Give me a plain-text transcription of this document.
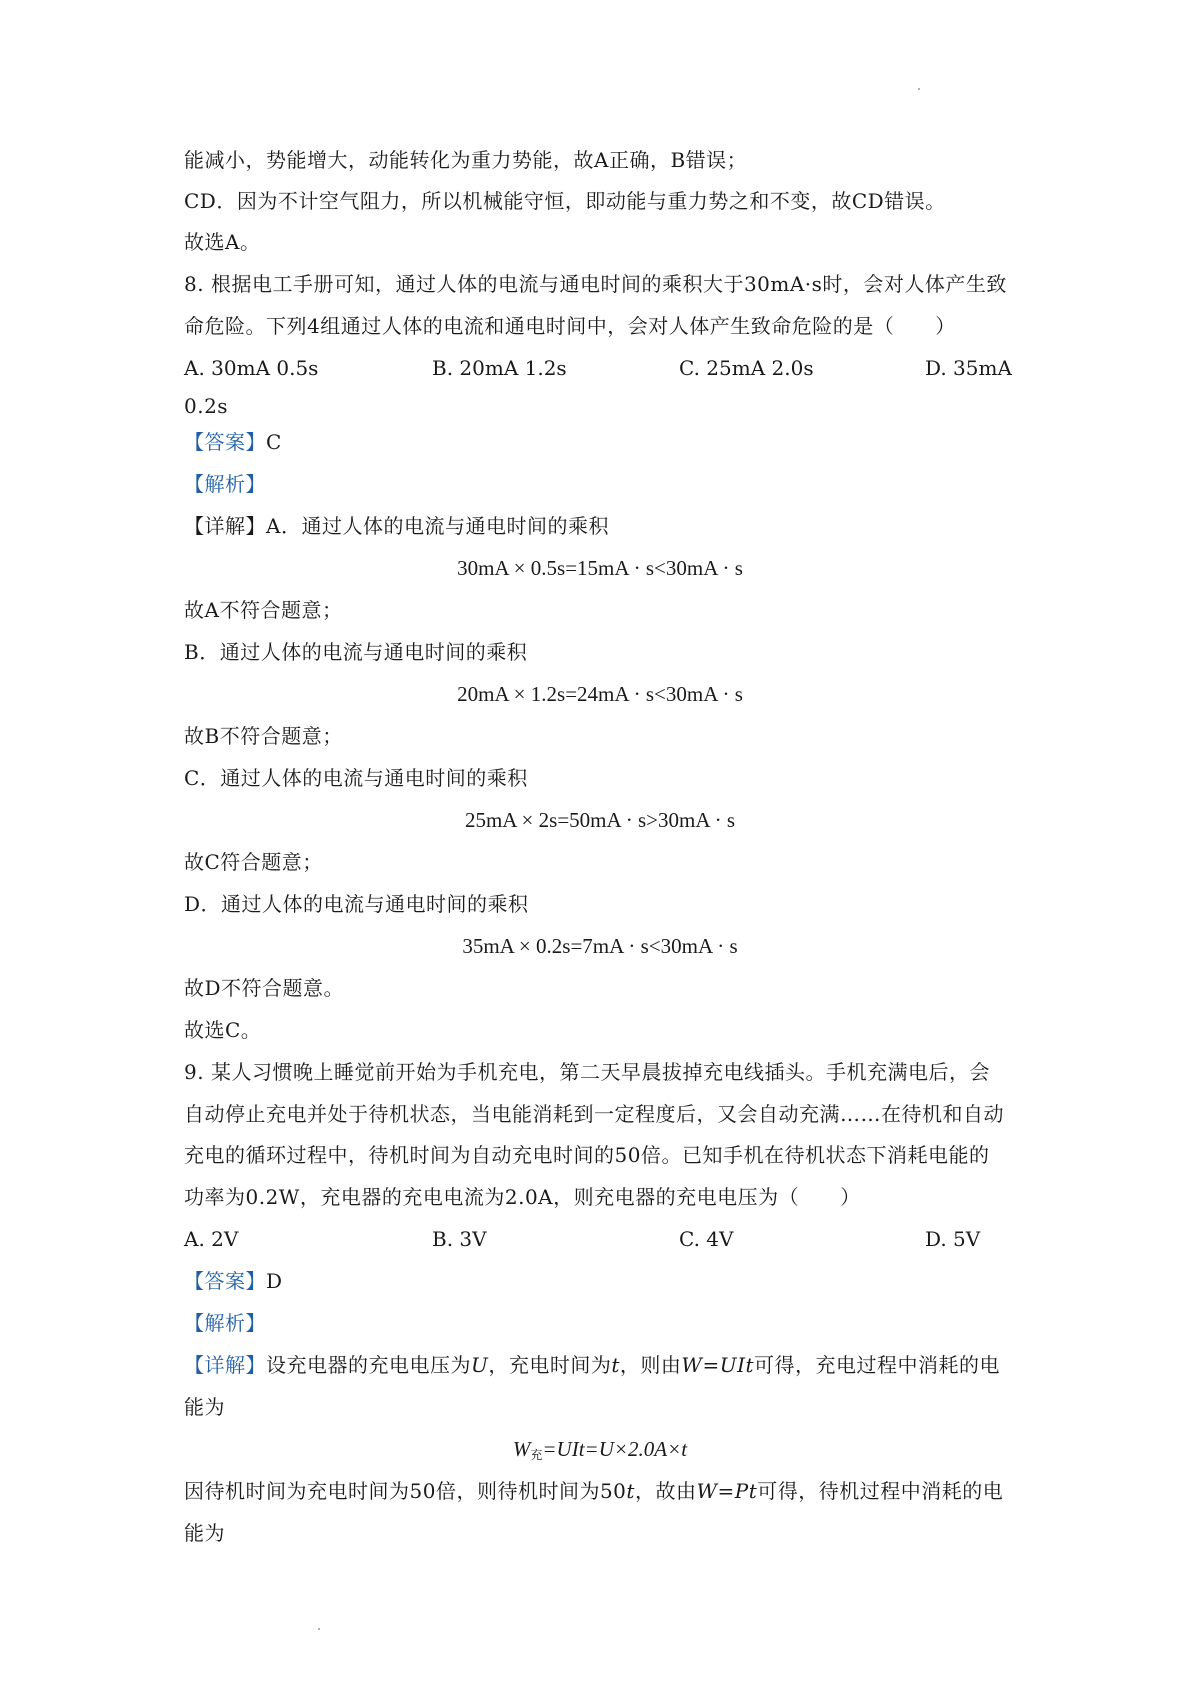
能减小，势能增大，动能转化为重力势能，故A正确，B错误；
CD．因为不计空气阻力，所以机械能守恒，即动能与重力势之和不变，故CD错误。
故选A。
8. 根据电工手册可知，通过人体的电流与通电时间的乘积大于30mA·s时，会对人体产生致
命危险。下列4组通过人体的电流和通电时间中，会对人体产生致命危险的是（　　）
A. 30mA 0.5s	B. 20mA 1.2s	C. 25mA 2.0s	D. 35mA
0.2s
【答案】C
【解析】
【详解】A．通过人体的电流与通电时间的乘积
30mA × 0.5s=15mA · s<30mA · s
故A不符合题意；
B．通过人体的电流与通电时间的乘积
20mA × 1.2s=24mA · s<30mA · s
故B不符合题意；
C．通过人体的电流与通电时间的乘积
25mA × 2s=50mA · s>30mA · s
故C符合题意；
D．通过人体的电流与通电时间的乘积
35mA × 0.2s=7mA · s<30mA · s
故D不符合题意。
故选C。
9. 某人习惯晚上睡觉前开始为手机充电，第二天早晨拔掉充电线插头。手机充满电后，会
自动停止充电并处于待机状态，当电能消耗到一定程度后，又会自动充满……在待机和自动
充电的循环过程中，待机时间为自动充电时间的50倍。已知手机在待机状态下消耗电能的
功率为0.2W，充电器的充电电流为2.0A，则充电器的充电电压为（　　）
A. 2V	B. 3V	C. 4V	D. 5V
【答案】D
【解析】
【详解】设充电器的充电电压为U，充电时间为t，则由W=UIt可得，充电过程中消耗的电
能为
$W_充=UIt=U\times 2.0A\times t$
因待机时间为充电时间为50倍，则待机时间为50t，故由W=Pt可得，待机过程中消耗的电
能为
